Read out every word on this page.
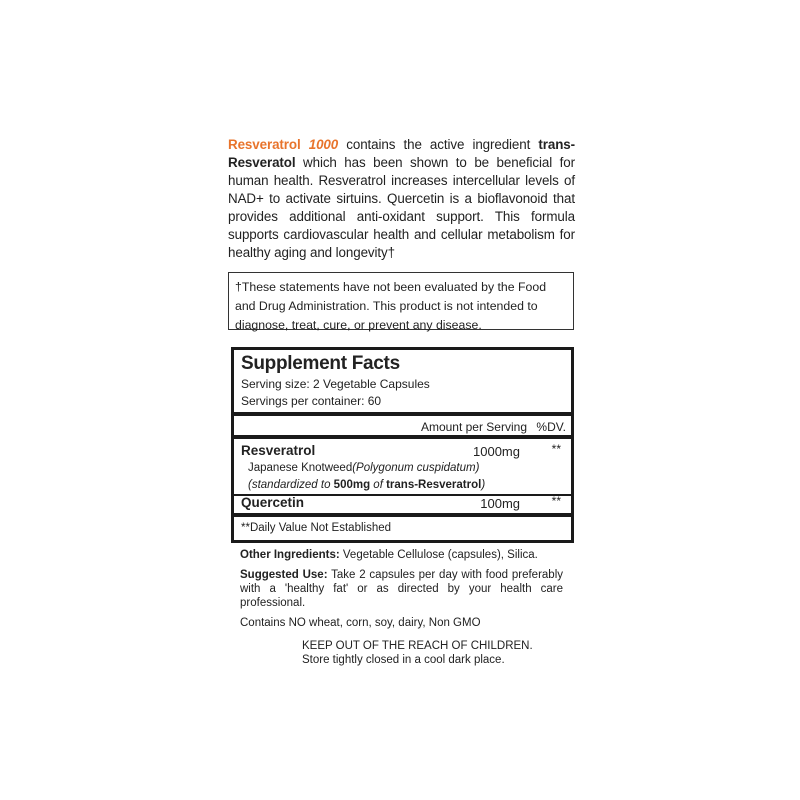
Resveratrol 1000 contains the active ingredient trans-Resveratol which has been shown to be beneficial for human health. Resveratrol increases intercellular levels of NAD+ to activate sirtuins. Quercetin is a bioflavonoid that provides additional anti-oxidant support. This formula supports cardiovascular health and cellular metabolism for healthy aging and longevity†
†These statements have not been evaluated by the Food and Drug Administration. This product is not intended to diagnose, treat, cure, or prevent any disease.
Supplement Facts
Serving size: 2 Vegetable Capsules
Servings per container: 60
Amount per Serving %DV.
Resveratrol	1000mg	**
Japanese Knotweed(Polygonum cuspidatum)
(standardized to 500mg of trans-Resveratrol)
Quercetin	100mg	**
**Daily Value Not Established

Other Ingredients: Vegetable Cellulose (capsules), Silica.

Suggested Use: Take 2 capsules per day with food preferably with a 'healthy fat' or as directed by your health care professional.

Contains NO wheat, corn, soy, dairy, Non GMO

KEEP OUT OF THE REACH OF CHILDREN.
Store tightly closed in a cool dark place.
